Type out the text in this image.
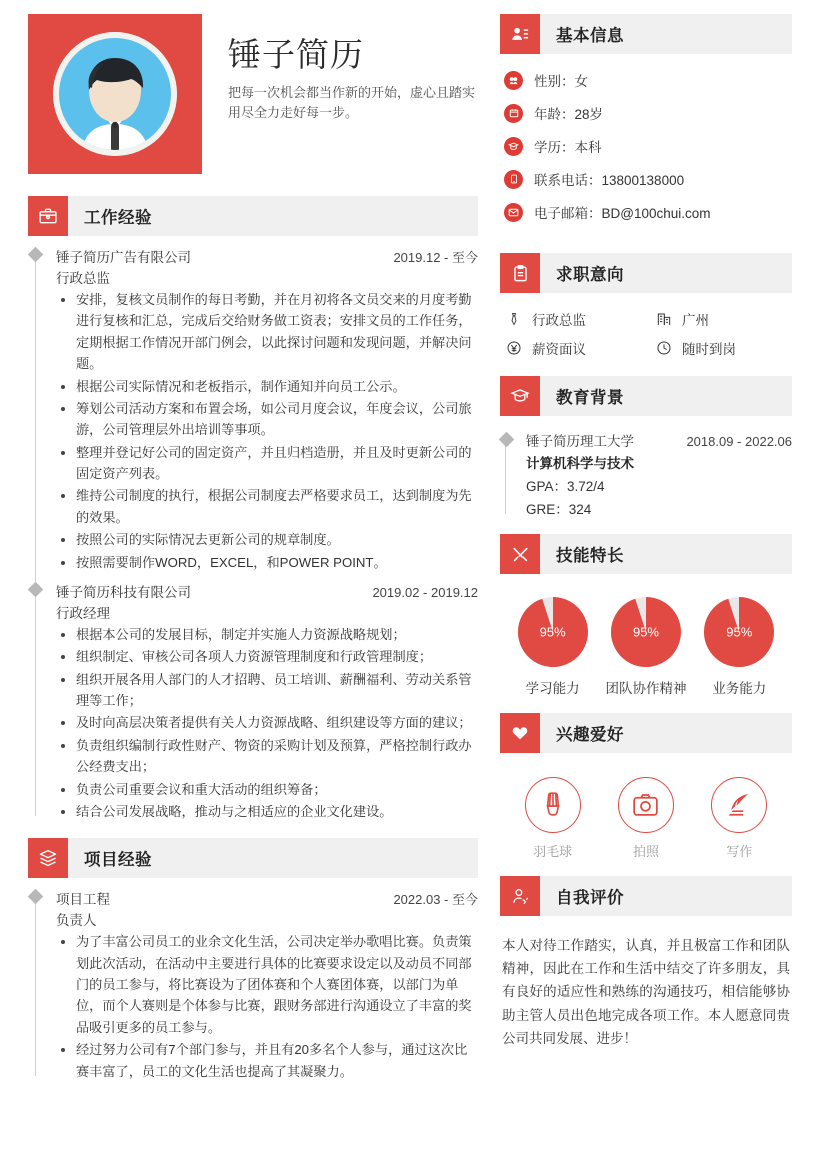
锤子简历
把每一次机会都当作新的开始，虚心且踏实用尽全力走好每一步。
工作经验
锤子简历广告有限公司	2019.12 - 至今
行政总监
安排，复核文员制作的每日考勤，并在月初将各文员交来的月度考勤进行复核和汇总，完成后交给财务做工资表；安排文员的工作任务，定期根据工作情况开部门例会，以此探讨问题和发现问题，并解决问题。
根据公司实际情况和老板指示，制作通知并向员工公示。
筹划公司活动方案和布置会场，如公司月度会议，年度会议，公司旅游，公司管理层外出培训等事项。
整理并登记好公司的固定资产，并且归档造册，并且及时更新公司的固定资产列表。
维持公司制度的执行，根据公司制度去严格要求员工，达到制度为先的效果。
按照公司的实际情况去更新公司的规章制度。
按照需要制作WORD，EXCEL，和POWER POINT。
锤子简历科技有限公司	2019.02 - 2019.12
行政经理
根据本公司的发展目标，制定并实施人力资源战略规划；
组织制定、审核公司各项人力资源管理制度和行政管理制度；
组织开展各用人部门的人才招聘、员工培训、薪酬福利、劳动关系管理等工作；
及时向高层决策者提供有关人力资源战略、组织建设等方面的建议；
负责组织编制行政性财产、物资的采购计划及预算，严格控制行政办公经费支出；
负责公司重要会议和重大活动的组织筹备；
结合公司发展战略，推动与之相适应的企业文化建设。
项目经验
项目工程	2022.03 - 至今
负责人
为了丰富公司员工的业余文化生活，公司决定举办歌唱比赛。负责策划此次活动，在活动中主要进行具体的比赛要求设定以及动员不同部门的员工参与，将比赛设为了团体赛和个人赛团体赛，以部门为单位，而个人赛则是个体参与比赛，跟财务部进行沟通设立了丰富的奖品吸引更多的员工参与。
经过努力公司有7个部门参与，并且有20多名个人参与，通过这次比赛丰富了，员工的文化生活也提高了其凝聚力。
基本信息
性别：女
年龄：28岁
学历：本科
联系电话：13800138000
电子邮箱：BD@100chui.com
求职意向
行政总监	广州
薪资面议	随时到岗
教育背景
锤子简历理工大学	2018.09 - 2022.06
计算机科学与技术
GPA：3.72/4
GRE：324
技能特长
95%
学习能力
95%
团队协作精神
95%
业务能力
兴趣爱好
羽毛球	拍照	写作
自我评价
本人对待工作踏实，认真，并且极富工作和团队精神，因此在工作和生活中结交了许多朋友，具有良好的适应性和熟练的沟通技巧，相信能够协助主管人员出色地完成各项工作。本人愿意同贵公司共同发展、进步！
